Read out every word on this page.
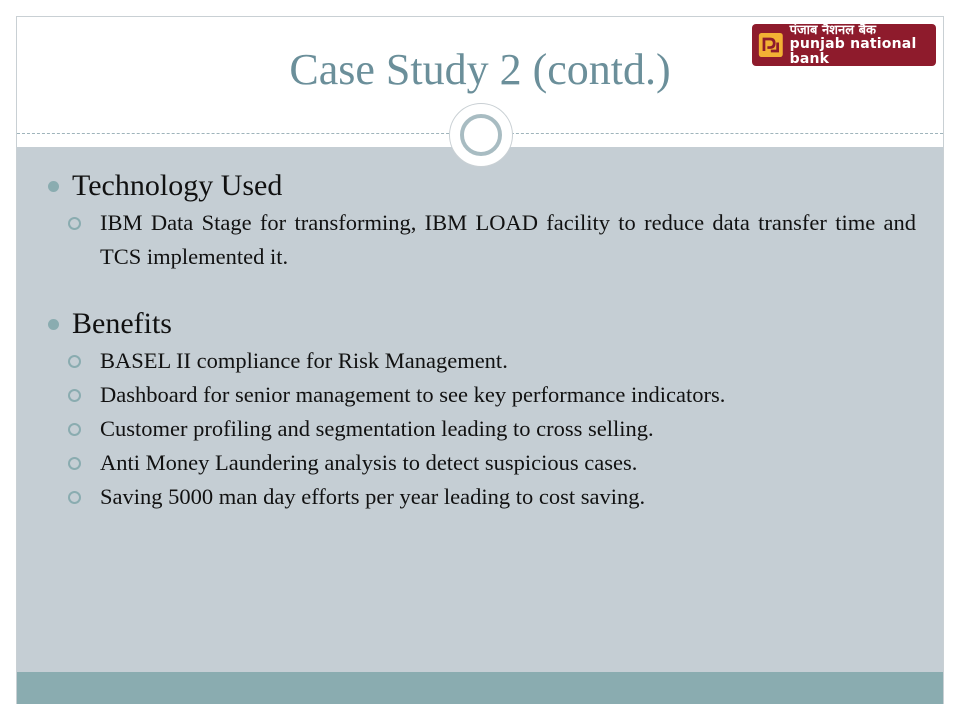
Case Study 2 (contd.)
पंजाब नैशनल बैंक
punjab national bank
Technology Used
IBM Data Stage for transforming, IBM LOAD facility to reduce data transfer time and TCS implemented it.
Benefits
BASEL II compliance for Risk Management.
Dashboard for senior management to see key performance indicators.
Customer profiling and segmentation leading to cross selling.
Anti Money Laundering analysis to detect suspicious cases.
Saving 5000 man day efforts per year leading to cost saving.
